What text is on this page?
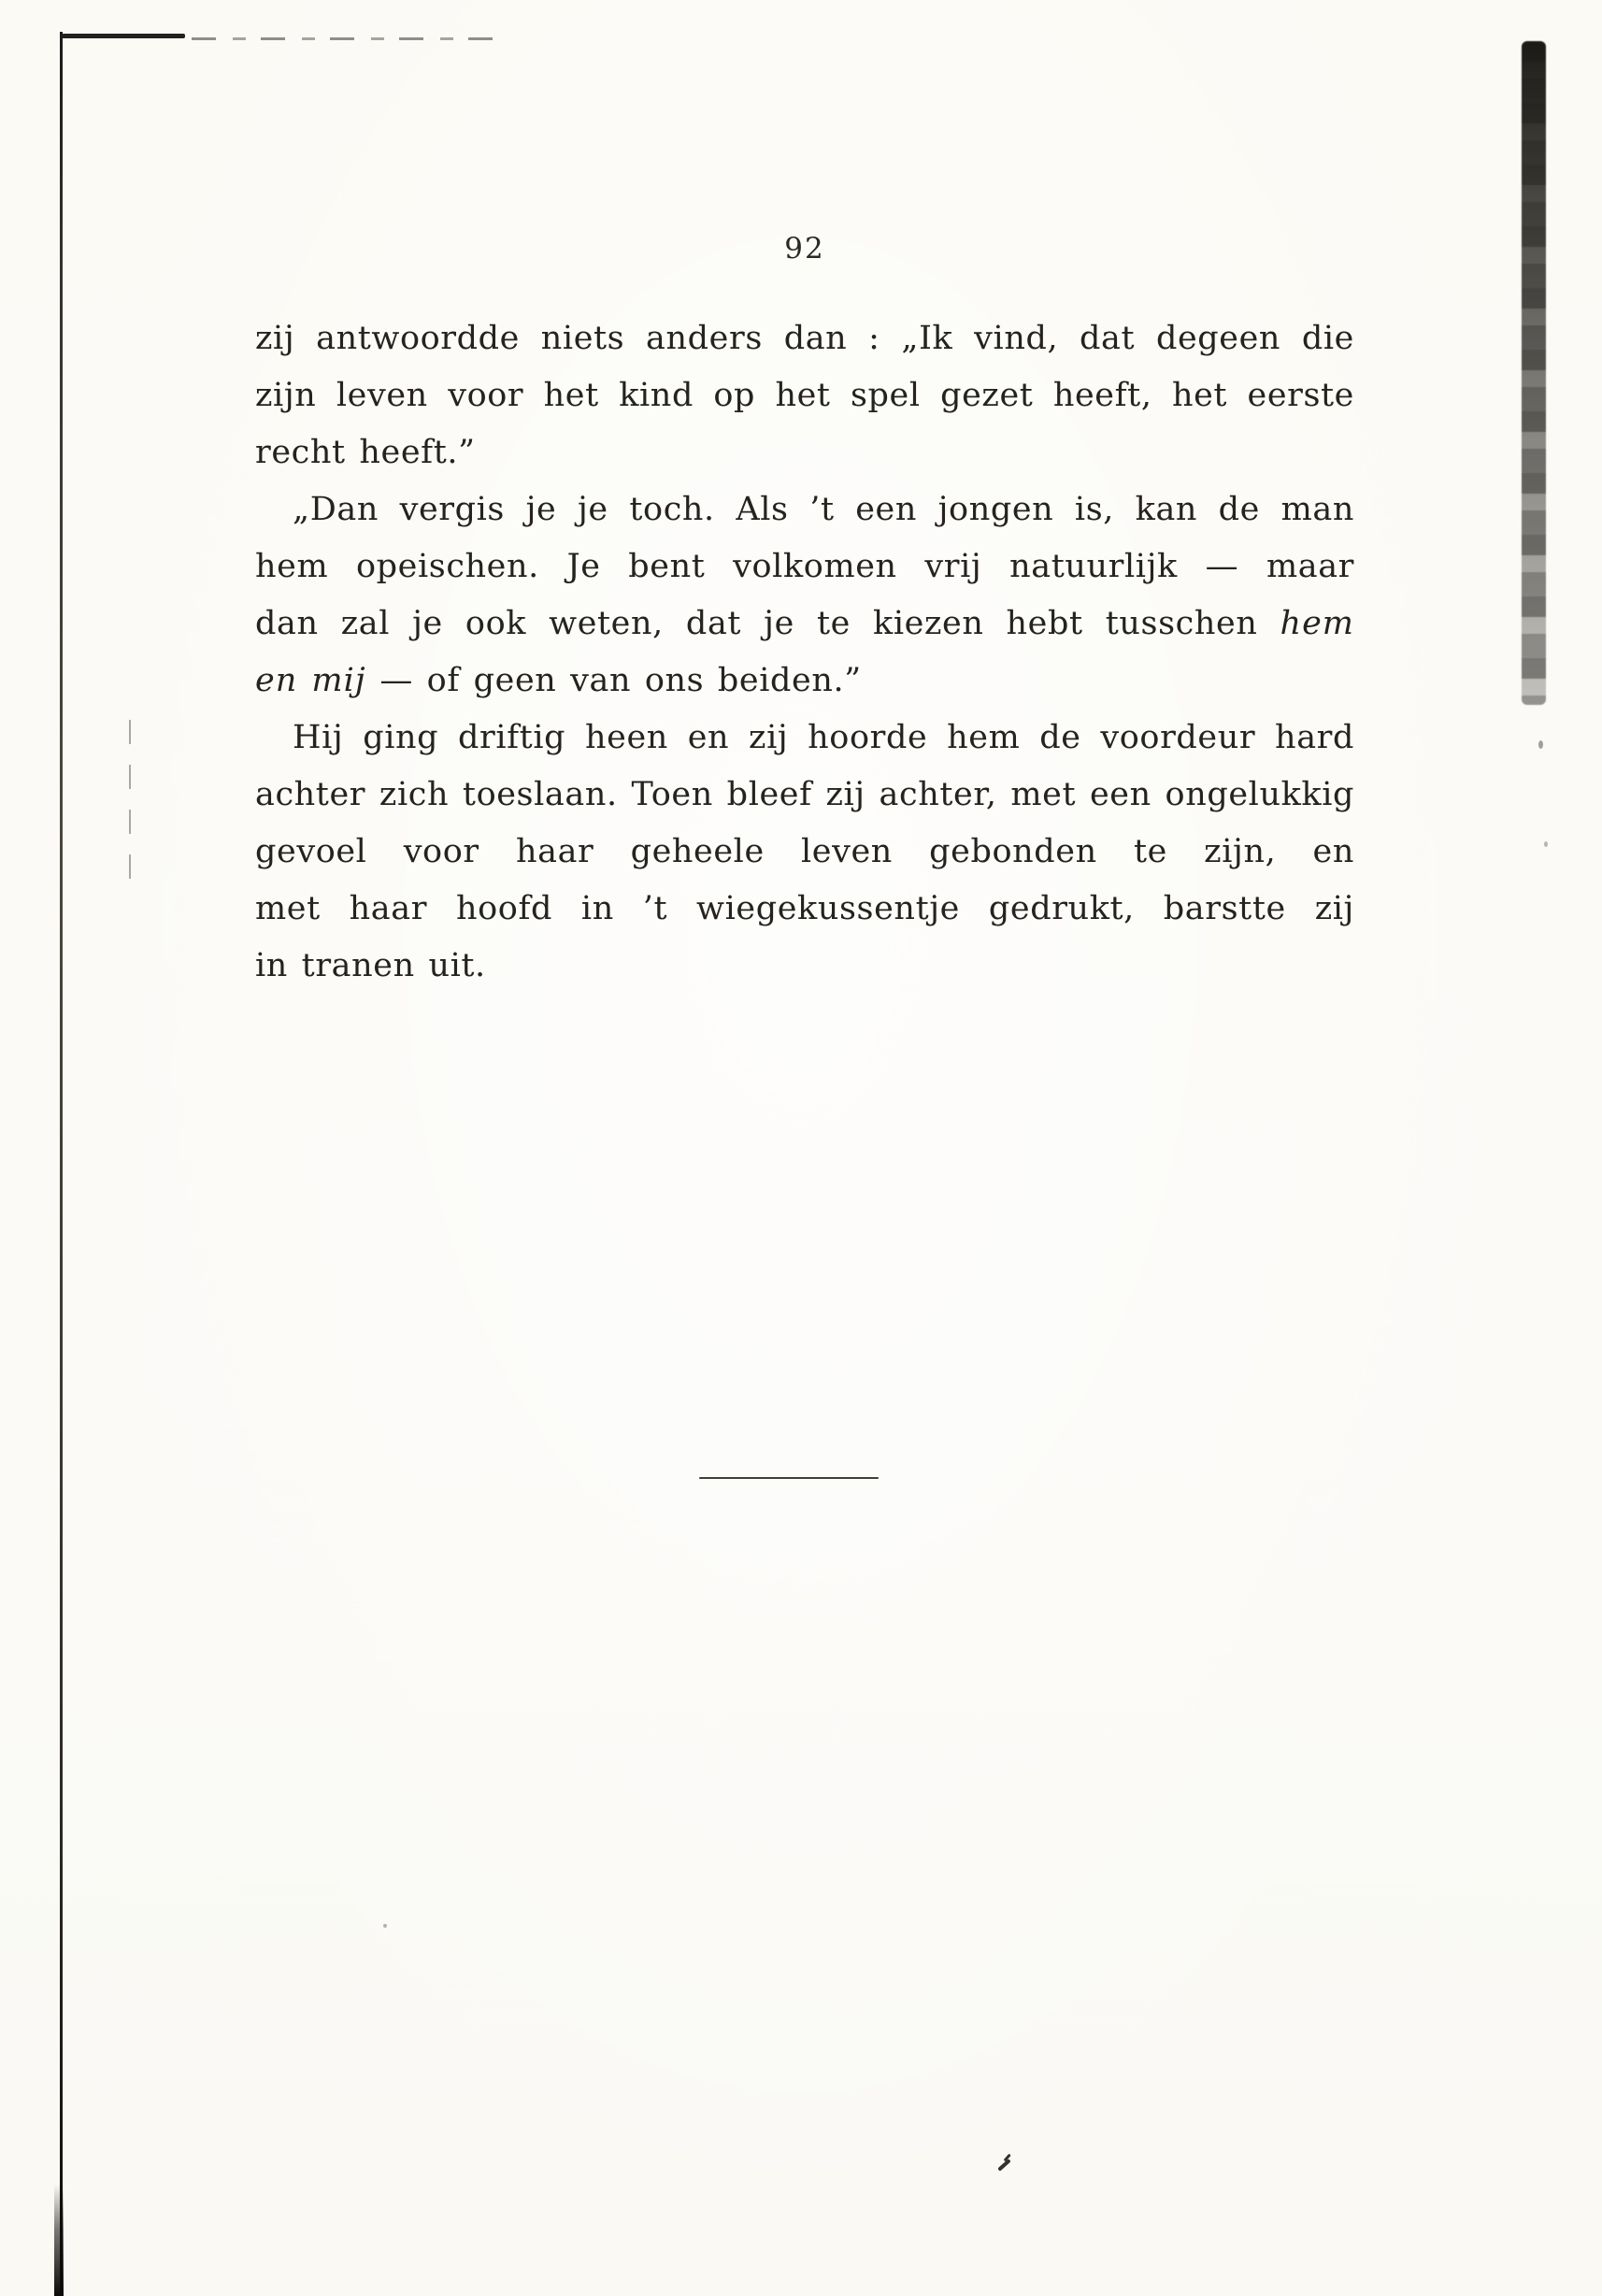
92
zij antwoordde niets anders dan : „Ik vind, dat degeen die
zijn leven voor het kind op het spel gezet heeft, het eerste
recht heeft.”
„Dan vergis je je toch. Als ’t een jongen is, kan de man
hem opeischen. Je bent volkomen vrij natuurlijk — maar
dan zal je ook weten, dat je te kiezen hebt tusschen hem
en mij — of geen van ons beiden.”
Hij ging driftig heen en zij hoorde hem de voordeur hard
achter zich toeslaan. Toen bleef zij achter, met een ongelukkig
gevoel voor haar geheele leven gebonden te zijn, en
met haar hoofd in ’t wiegekussentje gedrukt, barstte zij
in tranen uit.
